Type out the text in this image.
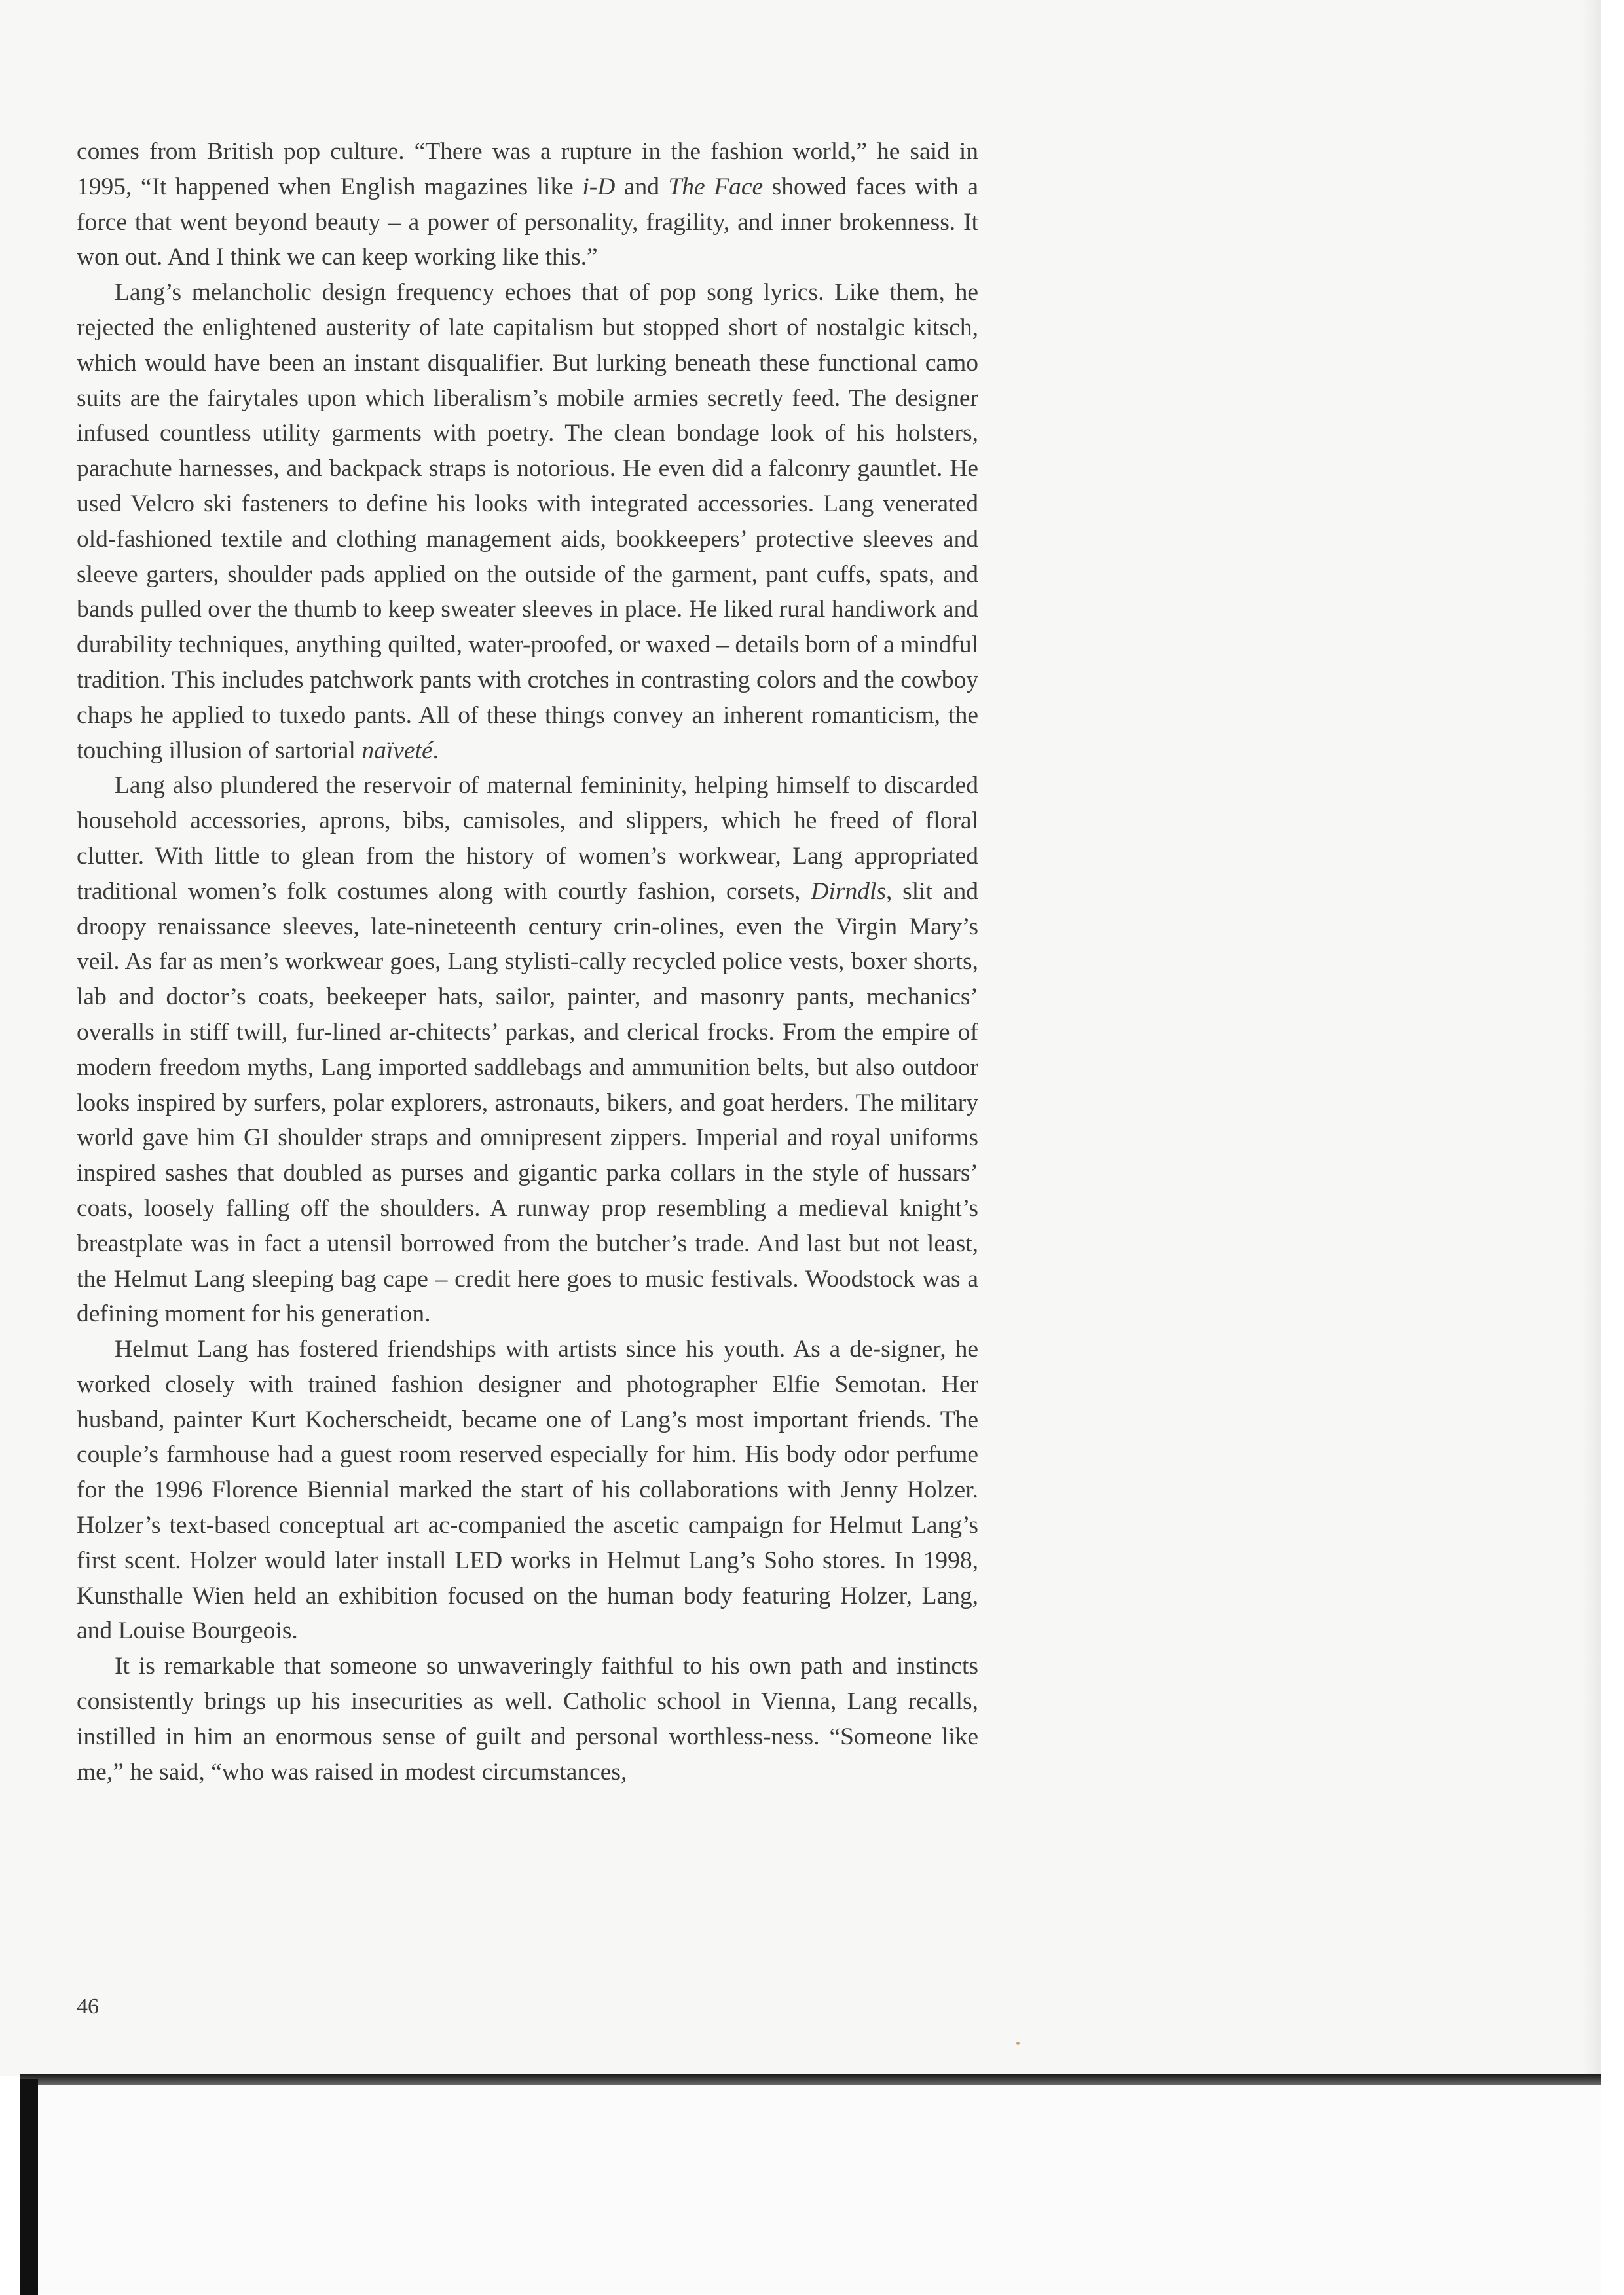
comes from British pop culture. “There was a rupture in the fashion world,” he said in 1995, “It happened when English magazines like i-D and The Face showed faces with a force that went beyond beauty – a power of personality, fragility, and inner brokenness. It won out. And I think we can keep working like this.”

Lang’s melancholic design frequency echoes that of pop song lyrics. Like them, he rejected the enlightened austerity of late capitalism but stopped short of nostalgic kitsch, which would have been an instant disqualifier. But lurking beneath these functional camo suits are the fairytales upon which liberalism’s mobile armies secretly feed. The designer infused countless utility garments with poetry. The clean bondage look of his holsters, parachute harnesses, and backpack straps is notorious. He even did a falconry gauntlet. He used Velcro ski fasteners to define his looks with integrated accessories. Lang venerated old-fashioned textile and clothing management aids, bookkeepers’ protective sleeves and sleeve garters, shoulder pads applied on the outside of the garment, pant cuffs, spats, and bands pulled over the thumb to keep sweater sleeves in place. He liked rural handiwork and durability techniques, anything quilted, water-proofed, or waxed – details born of a mindful tradition. This includes patchwork pants with crotches in contrasting colors and the cowboy chaps he applied to tuxedo pants. All of these things convey an inherent romanticism, the touching illusion of sartorial naïveté.

Lang also plundered the reservoir of maternal femininity, helping himself to discarded household accessories, aprons, bibs, camisoles, and slippers, which he freed of floral clutter. With little to glean from the history of women’s workwear, Lang appropriated traditional women’s folk costumes along with courtly fashion, corsets, Dirndls, slit and droopy renaissance sleeves, late-nineteenth century crin-olines, even the Virgin Mary’s veil. As far as men’s workwear goes, Lang stylisti-cally recycled police vests, boxer shorts, lab and doctor’s coats, beekeeper hats, sailor, painter, and masonry pants, mechanics’ overalls in stiff twill, fur-lined ar-chitects’ parkas, and clerical frocks. From the empire of modern freedom myths, Lang imported saddlebags and ammunition belts, but also outdoor looks inspired by surfers, polar explorers, astronauts, bikers, and goat herders. The military world gave him GI shoulder straps and omnipresent zippers. Imperial and royal uniforms inspired sashes that doubled as purses and gigantic parka collars in the style of hussars’ coats, loosely falling off the shoulders. A runway prop resembling a medieval knight’s breastplate was in fact a utensil borrowed from the butcher’s trade. And last but not least, the Helmut Lang sleeping bag cape – credit here goes to music festivals. Woodstock was a defining moment for his generation.

Helmut Lang has fostered friendships with artists since his youth. As a de-signer, he worked closely with trained fashion designer and photographer Elfie Semotan. Her husband, painter Kurt Kocherscheidt, became one of Lang’s most important friends. The couple’s farmhouse had a guest room reserved especially for him. His body odor perfume for the 1996 Florence Biennial marked the start of his collaborations with Jenny Holzer. Holzer’s text-based conceptual art ac-companied the ascetic campaign for Helmut Lang’s first scent. Holzer would later install LED works in Helmut Lang’s Soho stores. In 1998, Kunsthalle Wien held an exhibition focused on the human body featuring Holzer, Lang, and Louise Bourgeois.

It is remarkable that someone so unwaveringly faithful to his own path and instincts consistently brings up his insecurities as well. Catholic school in Vienna, Lang recalls, instilled in him an enormous sense of guilt and personal worthless-ness. “Someone like me,” he said, “who was raised in modest circumstances,

46
